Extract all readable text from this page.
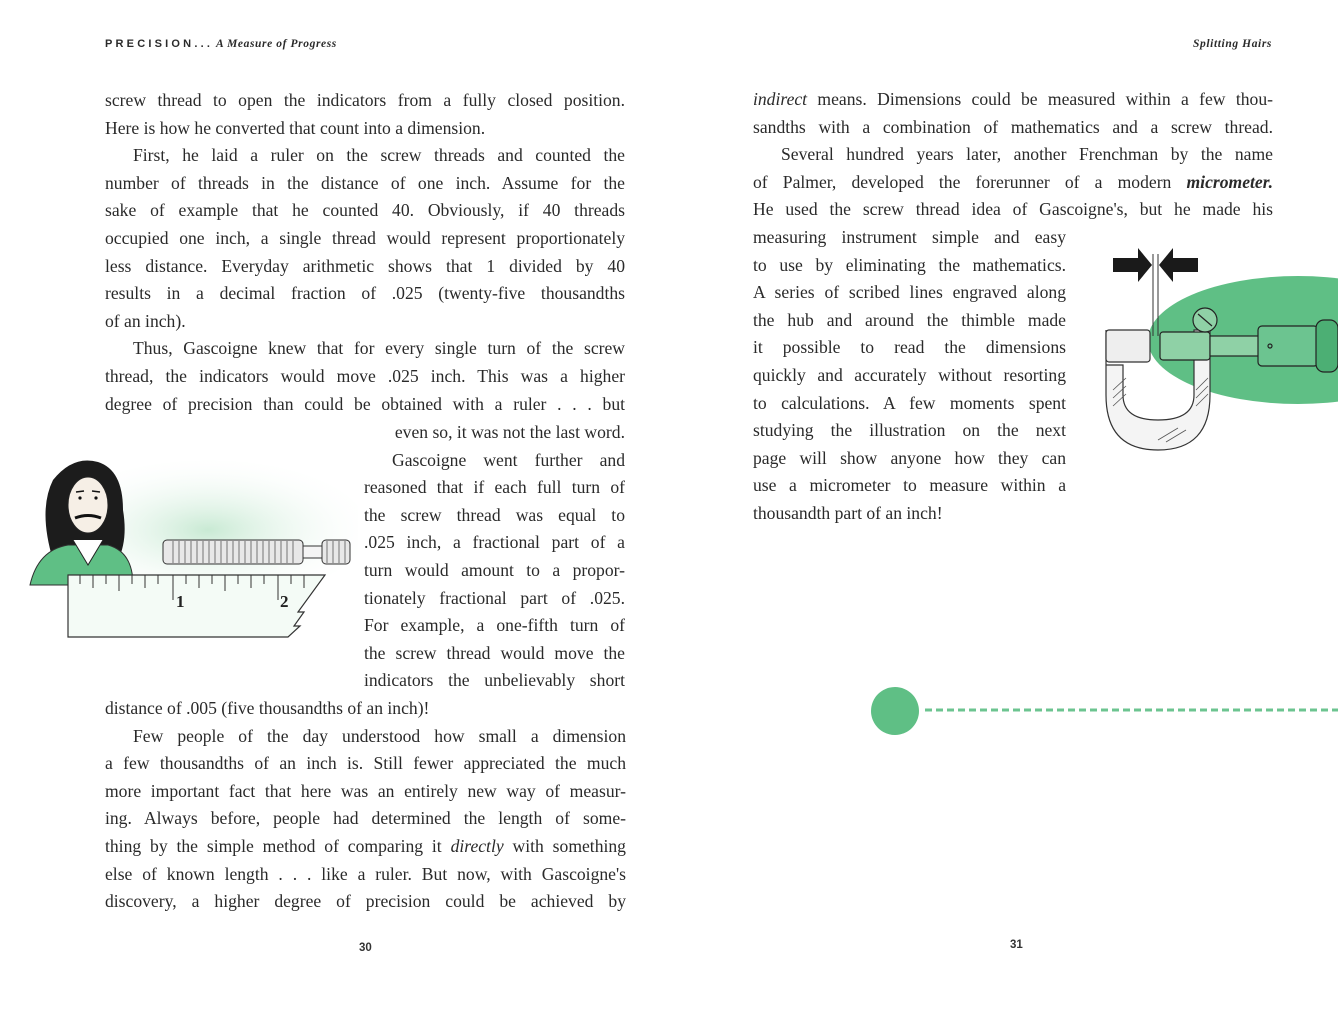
PRECISION... A Measure of Progress
screw thread to open the indicators from a fully closed position.
Here is how he converted that count into a dimension.
First, he laid a ruler on the screw threads and counted the
number of threads in the distance of one inch. Assume for the
sake of example that he counted 40. Obviously, if 40 threads
occupied one inch, a single thread would represent proportionately
less distance. Everyday arithmetic shows that 1 divided by 40
results in a decimal fraction of .025 (twenty-five thousandths
of an inch).
Thus, Gascoigne knew that for every single turn of the screw
thread, the indicators would move .025 inch. This was a higher
degree of precision than could be obtained with a ruler . . . but
even so, it was not the last word.
Gascoigne went further and
reasoned that if each full turn of
the screw thread was equal to
.025 inch, a fractional part of a
turn would amount to a propor-
tionately fractional part of .025.
For example, a one-fifth turn of
the screw thread would move the
indicators the unbelievably short
distance of .005 (five thousandths of an inch)!
Few people of the day understood how small a dimension
a few thousandths of an inch is. Still fewer appreciated the much
more important fact that here was an entirely new way of measur-
ing. Always before, people had determined the length of some-
thing by the simple method of comparing it directly with something
else of known length . . . like a ruler. But now, with Gascoigne's
discovery, a higher degree of precision could be achieved by
1	2
30
Splitting Hairs
indirect means. Dimensions could be measured within a few thou-
sandths with a combination of mathematics and a screw thread.
Several hundred years later, another Frenchman by the name
of Palmer, developed the forerunner of a modern micrometer.
He used the screw thread idea of Gascoigne's, but he made his
measuring instrument simple and easy
to use by eliminating the mathematics.
A series of scribed lines engraved along
the hub and around the thimble made
it possible to read the dimensions
quickly and accurately without resorting
to calculations. A few moments spent
studying the illustration on the next
page will show anyone how they can
use a micrometer to measure within a
thousandth part of an inch!
31
